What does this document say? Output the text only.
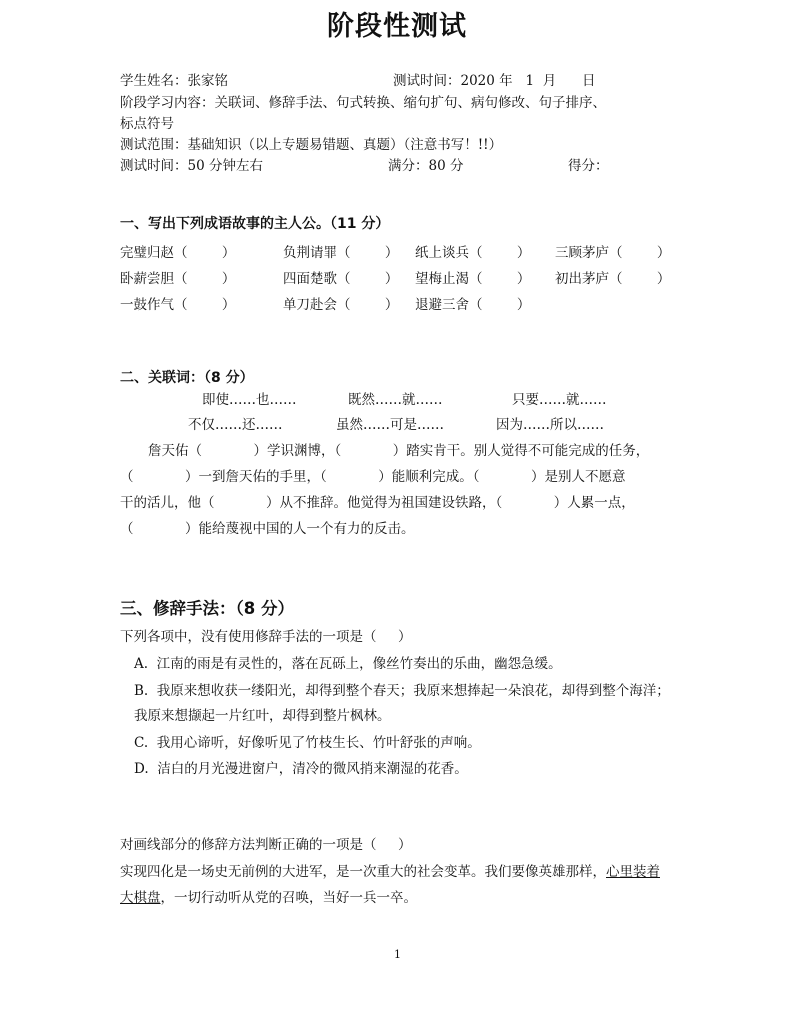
阶段性测试
学生姓名：张家铭	测试时间：2020 年   1  月      日
阶段学习内容：关联词、修辞手法、句式转换、缩句扩句、病句修改、句子排序、
标点符号
测试范围：基础知识（以上专题易错题、真题）（注意书写！!!）
测试时间：50 分钟左右	满分：80 分	得分：
一、写出下列成语故事的主人公。（11 分）
完璧归赵（        ）	负荆请罪（        ） 纸上谈兵（        ） 三顾茅庐（        ）
卧薪尝胆（        ）	四面楚歌（        ） 望梅止渴（        ） 初出茅庐（        ）
一鼓作气（        ）	单刀赴会（        ） 退避三舍（        ）
二、关联词：（8 分）
即使……也……	既然……就……	只要……就……
不仅……还……	虽然……可是……	因为……所以……
詹天佑（            ）学识渊博，（            ）踏实肯干。别人觉得不可能完成的任务，
（            ）一到詹天佑的手里，（            ）能顺利完成。（            ）是别人不愿意
干的活儿，他（            ）从不推辞。他觉得为祖国建设铁路，（            ）人累一点，
（            ）能给蔑视中国的人一个有力的反击。
三、修辞手法：（8 分）
下列各项中，没有使用修辞手法的一项是（     ）
A.  江南的雨是有灵性的，落在瓦砾上，像丝竹奏出的乐曲，幽怨急缓。
B.  我原来想收获一缕阳光，却得到整个春天；我原来想捧起一朵浪花，却得到整个海洋；
我原来想撷起一片红叶，却得到整片枫林。
C.  我用心谛听，好像听见了竹枝生长、竹叶舒张的声响。
D.  洁白的月光漫进窗户，清冷的微风捎来潮湿的花香。
对画线部分的修辞方法判断正确的一项是（     ）
实现四化是一场史无前例的大进军，是一次重大的社会变革。我们要像英雄那样，心里装着
大棋盘，一切行动听从党的召唤，当好一兵一卒。
1
